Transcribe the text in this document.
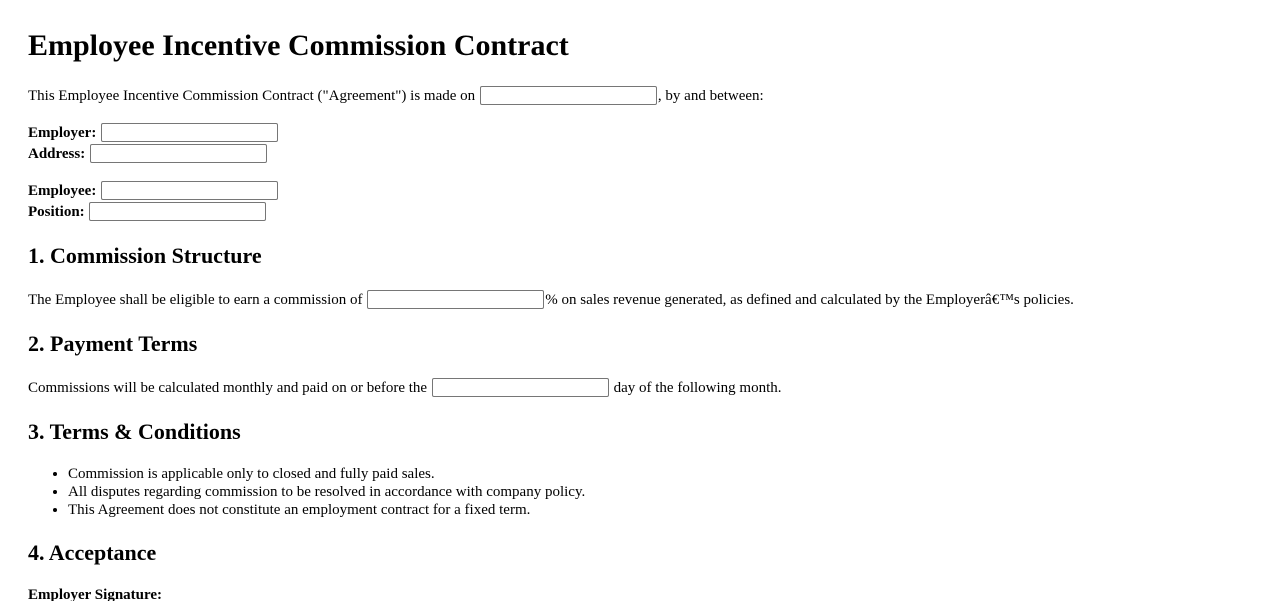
Employee Incentive Commission Contract
This Employee Incentive Commission Contract ("Agreement") is made on	, by and between:
Employer:
Address:
Employee:
Position:
1. Commission Structure
The Employee shall be eligible to earn a commission of	% on sales revenue generated, as defined and calculated by the Employerâ€™s policies.
2. Payment Terms
Commissions will be calculated monthly and paid on or before the	day of the following month.
3. Terms & Conditions
• Commission is applicable only to closed and fully paid sales.
• All disputes regarding commission to be resolved in accordance with company policy.
• This Agreement does not constitute an employment contract for a fixed term.
4. Acceptance
Employer Signature:
